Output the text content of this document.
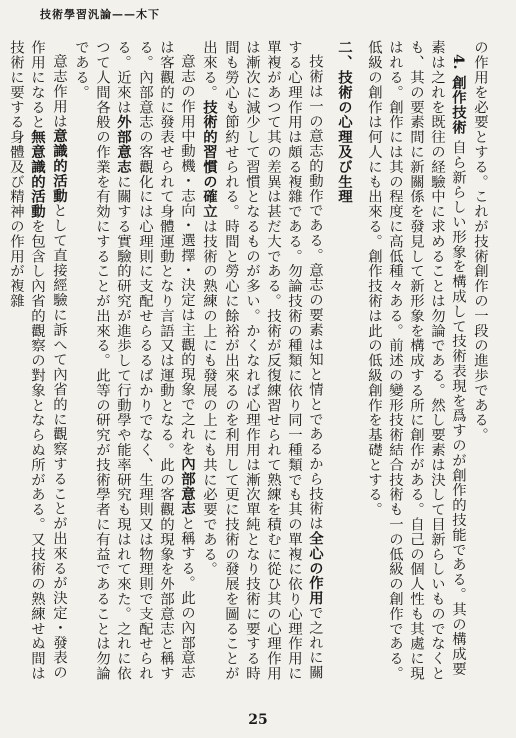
技術學習汎論——木下

の作用を必要とする。これが技術創作の一段の進歩である。

4. 創作技術 自ら新らしい形象を構成して技術表現を爲すのが創作的技能である。其の構成要素は之れを既往の経驗中に求めることは勿論である。然し要素は決して目新らしいものでなくとも、其の要素間に新關係を發見して新形象を構成する所に創作がある。自己の個人性も其處に現はれる。創作には其の程度に高低種々ある。前述の變形技術結合技術も一の低級の創作である。低級の創作は何人にも出來る。創作技術は此の低級創作を基礎とする。

二、技術の心理及び生理

技術は一の意志的動作である。意志の要素は知と情とであるから技術は全心の作用で之れに關する心理作用は頗る複雜である。勿論技術の種類に依り同一種類でも其の單複に依り心理作用に單複があつて其の差異は甚だ大である。技術が反復練習せられて熟練を積むに從ひ其の心理作用は漸次に減少して習慣となるものが多い。かくなれば心理作用は漸次單純となり技術に要する時間も勞心も節約せられる。時間と勞心に餘裕が出來るのを利用して更に技術の發展を圖ることが出來る。技術的習慣の確立は技術の熟練の上にも發展の上にも共に必要である。

意志の作用中動機・志向・選擇・決定は主觀的現象で之れを內部意志と稱する。此の內部意志は客觀的に發表せられて身體運動となり言語又は運動となる。此の客觀的現象を外部意志と稱する。內部意志の客觀化には心理則に支配せらるるばかりでなく、生理則又は物理則で支配せられる。近來は外部意志に關する實驗的研究が進歩して行動學や能率研究も現はれて來た。之れに依つて人間各般の作業を有効にすることが出來る。此等の研究が技術學者に有益であることは勿論である。

意志作用は意識的活動として直接經驗に訴へて內省的に觀察することが出來るが決定・發表の作用になると無意識的活動を包含し內省的觀察の對象とならぬ所がある。又技術の熟練せぬ間は技術に要する身體及び精神の作用が複雜

25
